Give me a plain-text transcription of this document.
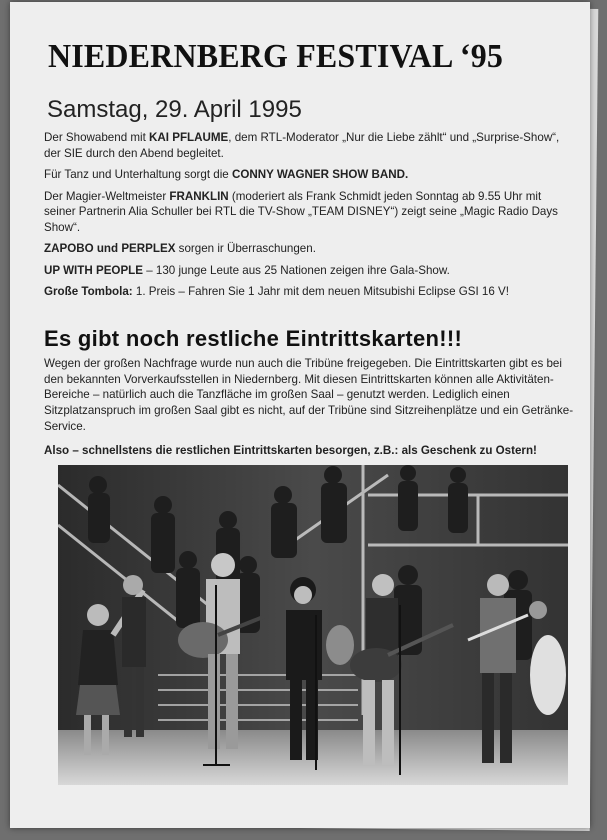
NIEDERNBERG FESTIVAL ‘95
Samstag, 29. April 1995

Der Showabend mit KAI PFLAUME, dem RTL-Moderator „Nur die Liebe zählt“ und „Surprise-Show“, der SIE durch den Abend begleitet.

Für Tanz und Unterhaltung sorgt die CONNY WAGNER SHOW BAND.

Der Magier-Weltmeister FRANKLIN (moderiert als Frank Schmidt jeden Sonntag ab 9.55 Uhr mit seiner Partnerin Alia Schuller bei RTL die TV-Show „TEAM DISNEY“) zeigt seine „Magic Radio Days Show“.

ZAPOBO und PERPLEX sorgen ir Überraschungen.

UP WITH PEOPLE – 130 junge Leute aus 25 Nationen zeigen ihre Gala-Show.

Große Tombola: 1. Preis – Fahren Sie 1 Jahr mit dem neuen Mitsubishi Eclipse GSI 16 V!

Es gibt noch restliche Eintrittskarten!!!

Wegen der großen Nachfrage wurde nun auch die Tribüne freigegeben. Die Eintrittskarten gibt es bei den bekannten Vorverkaufsstellen in Niedernberg. Mit diesen Eintrittskarten können alle Aktivitäten-Bereiche – natürlich auch die Tanzfläche im großen Saal – genutzt werden. Lediglich einen Sitzplatzanspruch im großen Saal gibt es nicht, auf der Tribüne sind Sitzreihenplätze und ein Getränke-Service.

Also – schnellstens die restlichen Eintrittskarten besorgen, z.B.: als Geschenk zu Ostern!
